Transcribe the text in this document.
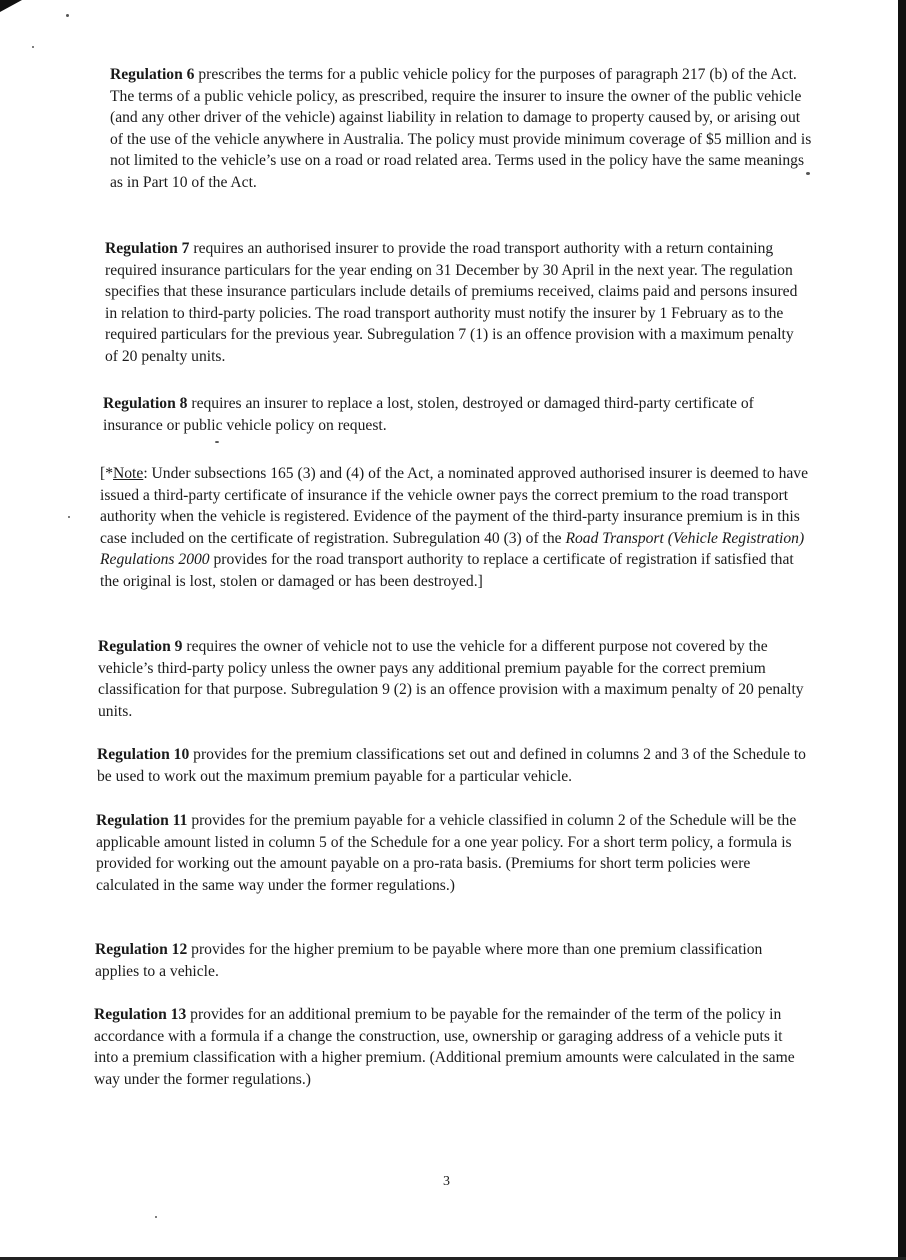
Regulation 6 prescribes the terms for a public vehicle policy for the purposes of paragraph 217 (b) of the Act. The terms of a public vehicle policy, as prescribed, require the insurer to insure the owner of the public vehicle (and any other driver of the vehicle) against liability in relation to damage to property caused by, or arising out of the use of the vehicle anywhere in Australia. The policy must provide minimum coverage of $5 million and is not limited to the vehicle’s use on a road or road related area. Terms used in the policy have the same meanings as in Part 10 of the Act.

Regulation 7 requires an authorised insurer to provide the road transport authority with a return containing required insurance particulars for the year ending on 31 December by 30 April in the next year. The regulation specifies that these insurance particulars include details of premiums received, claims paid and persons insured in relation to third-party policies. The road transport authority must notify the insurer by 1 February as to the required particulars for the previous year. Subregulation 7 (1) is an offence provision with a maximum penalty of 20 penalty units.

Regulation 8 requires an insurer to replace a lost, stolen, destroyed or damaged third-party certificate of insurance or public vehicle policy on request.

[*Note: Under subsections 165 (3) and (4) of the Act, a nominated approved authorised insurer is deemed to have issued a third-party certificate of insurance if the vehicle owner pays the correct premium to the road transport authority when the vehicle is registered. Evidence of the payment of the third-party insurance premium is in this case included on the certificate of registration. Subregulation 40 (3) of the Road Transport (Vehicle Registration) Regulations 2000 provides for the road transport authority to replace a certificate of registration if satisfied that the original is lost, stolen or damaged or has been destroyed.]

Regulation 9 requires the owner of vehicle not to use the vehicle for a different purpose not covered by the vehicle’s third-party policy unless the owner pays any additional premium payable for the correct premium classification for that purpose. Subregulation 9 (2) is an offence provision with a maximum penalty of 20 penalty units.

Regulation 10 provides for the premium classifications set out and defined in columns 2 and 3 of the Schedule to be used to work out the maximum premium payable for a particular vehicle.

Regulation 11 provides for the premium payable for a vehicle classified in column 2 of the Schedule will be the applicable amount listed in column 5 of the Schedule for a one year policy. For a short term policy, a formula is provided for working out the amount payable on a pro-rata basis. (Premiums for short term policies were calculated in the same way under the former regulations.)

Regulation 12 provides for the higher premium to be payable where more than one premium classification applies to a vehicle.

Regulation 13 provides for an additional premium to be payable for the remainder of the term of the policy in accordance with a formula if a change the construction, use, ownership or garaging address of a vehicle puts it into a premium classification with a higher premium. (Additional premium amounts were calculated in the same way under the former regulations.)

3
